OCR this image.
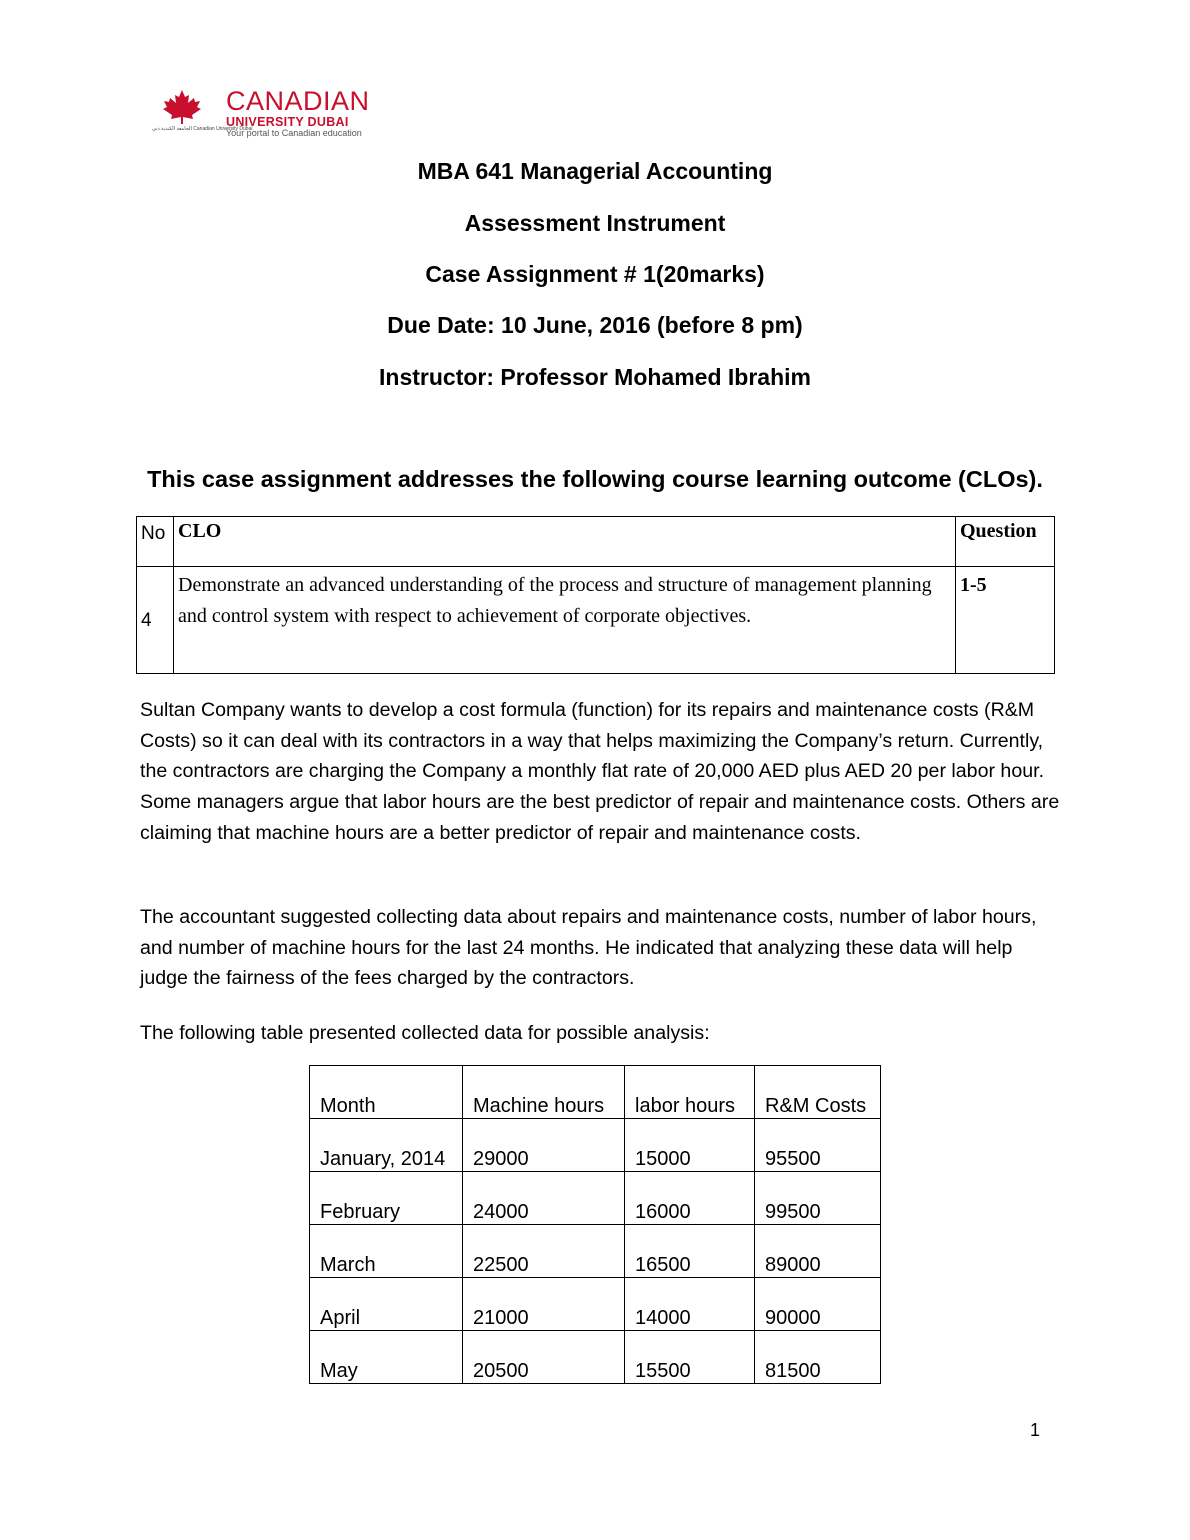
الجامعة الكندية دبي Canadian University Dubai
CANADIAN
UNIVERSITY DUBAI
Your portal to Canadian education
MBA 641 Managerial Accounting
Assessment Instrument
Case Assignment # 1(20marks)
Due Date: 10 June, 2016 (before 8 pm)
Instructor: Professor Mohamed Ibrahim
This case assignment addresses the following course learning outcome (CLOs).
No	CLO	Question
4	Demonstrate an advanced understanding of the process and structure of management planning and control system with respect to achievement of corporate objectives.	1-5

Sultan Company wants to develop a cost formula (function) for its repairs and maintenance costs (R&M Costs) so it can deal with its contractors in a way that helps maximizing the Company’s return. Currently, the contractors are charging the Company a monthly flat rate of 20,000 AED plus AED 20 per labor hour. Some managers argue that labor hours are the best predictor of repair and maintenance costs. Others are claiming that machine hours are a better predictor of repair and maintenance costs.

The accountant suggested collecting data about repairs and maintenance costs, number of labor hours, and number of machine hours for the last 24 months. He indicated that analyzing these data will help judge the fairness of the fees charged by the contractors.

The following table presented collected data for possible analysis:

Month	Machine hours	labor hours	R&M Costs
January, 2014	29000	15000	95500
February	24000	16000	99500
March	22500	16500	89000
April	21000	14000	90000
May	20500	15500	81500
1
